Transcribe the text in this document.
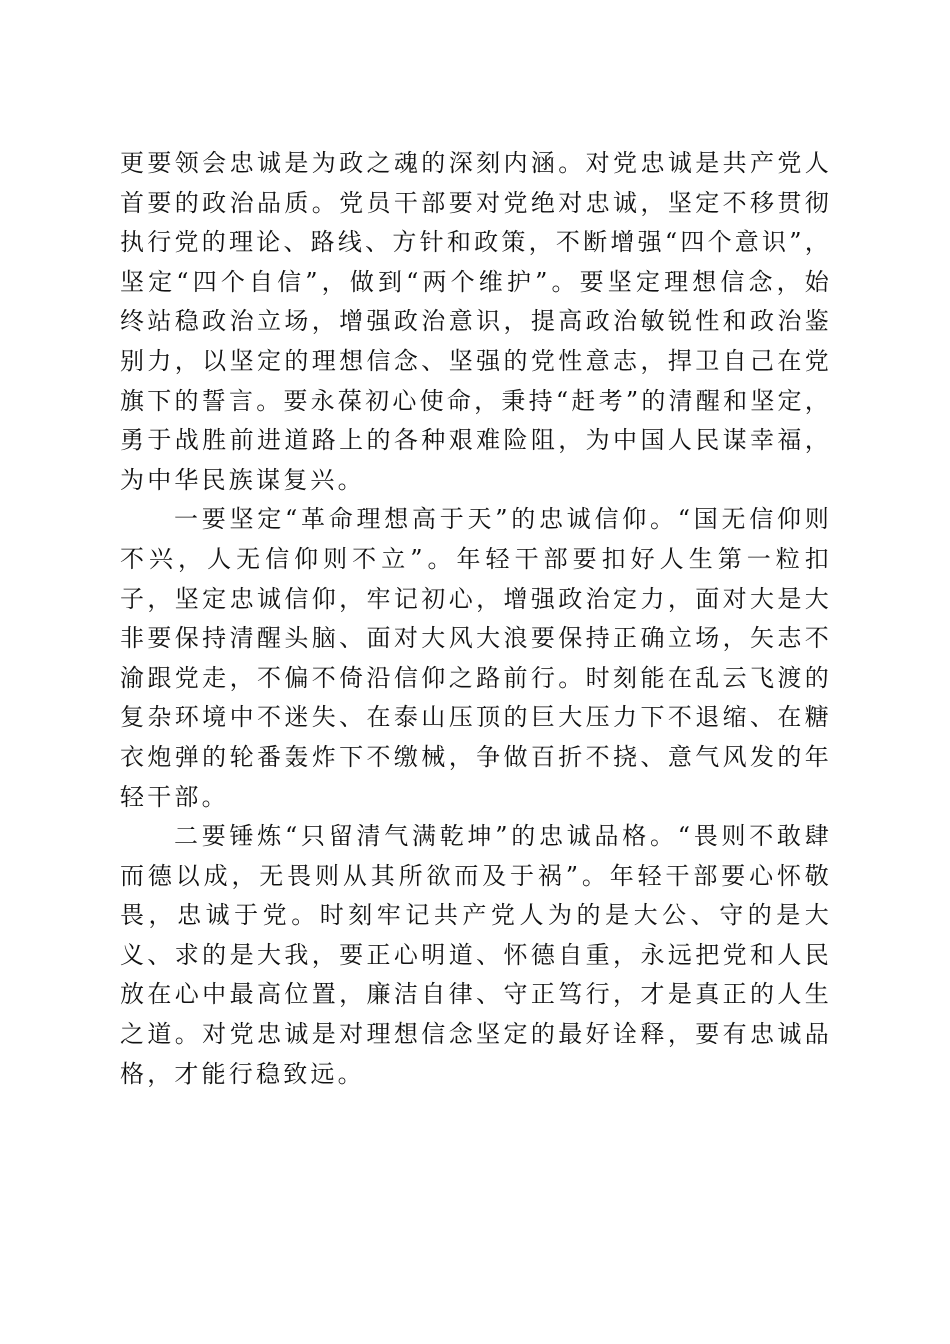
更要领会忠诚是为政之魂的深刻内涵。对党忠诚是共产党人首要的政治品质。党员干部要对党绝对忠诚，坚定不移贯彻执行党的理论、路线、方针和政策，不断增强“四个意识”，坚定“四个自信”，做到“两个维护”。要坚定理想信念，始终站稳政治立场，增强政治意识，提高政治敏锐性和政治鉴别力，以坚定的理想信念、坚强的党性意志，捍卫自己在党旗下的誓言。要永葆初心使命，秉持“赶考”的清醒和坚定，勇于战胜前进道路上的各种艰难险阻，为中国人民谋幸福，为中华民族谋复兴。

一要坚定“革命理想高于天”的忠诚信仰。“国无信仰则不兴，人无信仰则不立”。年轻干部要扣好人生第一粒扣子，坚定忠诚信仰，牢记初心，增强政治定力，面对大是大非要保持清醒头脑、面对大风大浪要保持正确立场，矢志不渝跟党走，不偏不倚沿信仰之路前行。时刻能在乱云飞渡的复杂环境中不迷失、在泰山压顶的巨大压力下不退缩、在糖衣炮弹的轮番轰炸下不缴械，争做百折不挠、意气风发的年轻干部。

二要锤炼“只留清气满乾坤”的忠诚品格。“畏则不敢肆而德以成，无畏则从其所欲而及于祸”。年轻干部要心怀敬畏，忠诚于党。时刻牢记共产党人为的是大公、守的是大义、求的是大我，要正心明道、怀德自重，永远把党和人民放在心中最高位置，廉洁自律、守正笃行，才是真正的人生之道。对党忠诚是对理想信念坚定的最好诠释，要有忠诚品格，才能行稳致远。
